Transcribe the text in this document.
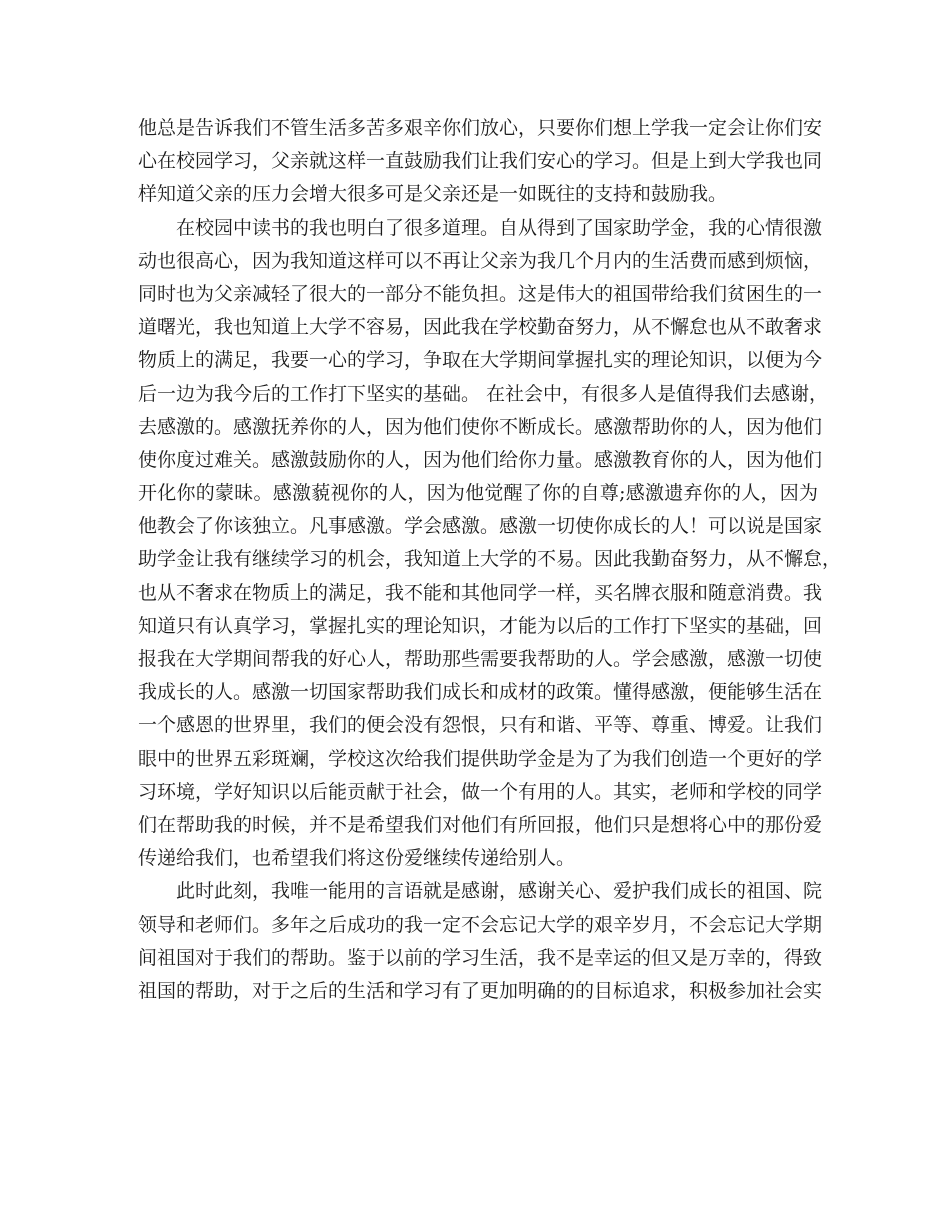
他总是告诉我们不管生活多苦多艰辛你们放心，只要你们想上学我一定会让你们安
心在校园学习，父亲就这样一直鼓励我们让我们安心的学习。但是上到大学我也同
样知道父亲的压力会增大很多可是父亲还是一如既往的支持和鼓励我。
在校园中读书的我也明白了很多道理。自从得到了国家助学金，我的心情很激
动也很高心，因为我知道这样可以不再让父亲为我几个月内的生活费而感到烦恼，
同时也为父亲减轻了很大的一部分不能负担。这是伟大的祖国带给我们贫困生的一
道曙光，我也知道上大学不容易，因此我在学校勤奋努力，从不懈怠也从不敢奢求
物质上的满足，我要一心的学习，争取在大学期间掌握扎实的理论知识，以便为今
后一边为我今后的工作打下坚实的基础。 在社会中，有很多人是值得我们去感谢，
去感激的。感激抚养你的人，因为他们使你不断成长。感激帮助你的人，因为他们
使你度过难关。感激鼓励你的人，因为他们给你力量。感激教育你的人，因为他们
开化你的蒙昧。感激藐视你的人，因为他觉醒了你的自尊;感激遗弃你的人，因为
他教会了你该独立。凡事感激。学会感激。感激一切使你成长的人！可以说是国家
助学金让我有继续学习的机会，我知道上大学的不易。因此我勤奋努力，从不懈怠，
也从不奢求在物质上的满足，我不能和其他同学一样，买名牌衣服和随意消费。我
知道只有认真学习，掌握扎实的理论知识，才能为以后的工作打下坚实的基础，回
报我在大学期间帮我的好心人，帮助那些需要我帮助的人。学会感激，感激一切使
我成长的人。感激一切国家帮助我们成长和成材的政策。懂得感激，便能够生活在
一个感恩的世界里，我们的便会没有怨恨，只有和谐、平等、尊重、博爱。让我们
眼中的世界五彩斑斓，学校这次给我们提供助学金是为了为我们创造一个更好的学
习环境，学好知识以后能贡献于社会，做一个有用的人。其实，老师和学校的同学
们在帮助我的时候，并不是希望我们对他们有所回报，他们只是想将心中的那份爱
传递给我们，也希望我们将这份爱继续传递给别人。
此时此刻，我唯一能用的言语就是感谢，感谢关心、爱护我们成长的祖国、院
领导和老师们。多年之后成功的我一定不会忘记大学的艰辛岁月，不会忘记大学期
间祖国对于我们的帮助。鉴于以前的学习生活，我不是幸运的但又是万幸的，得致
祖国的帮助，对于之后的生活和学习有了更加明确的的目标追求，积极参加社会实
